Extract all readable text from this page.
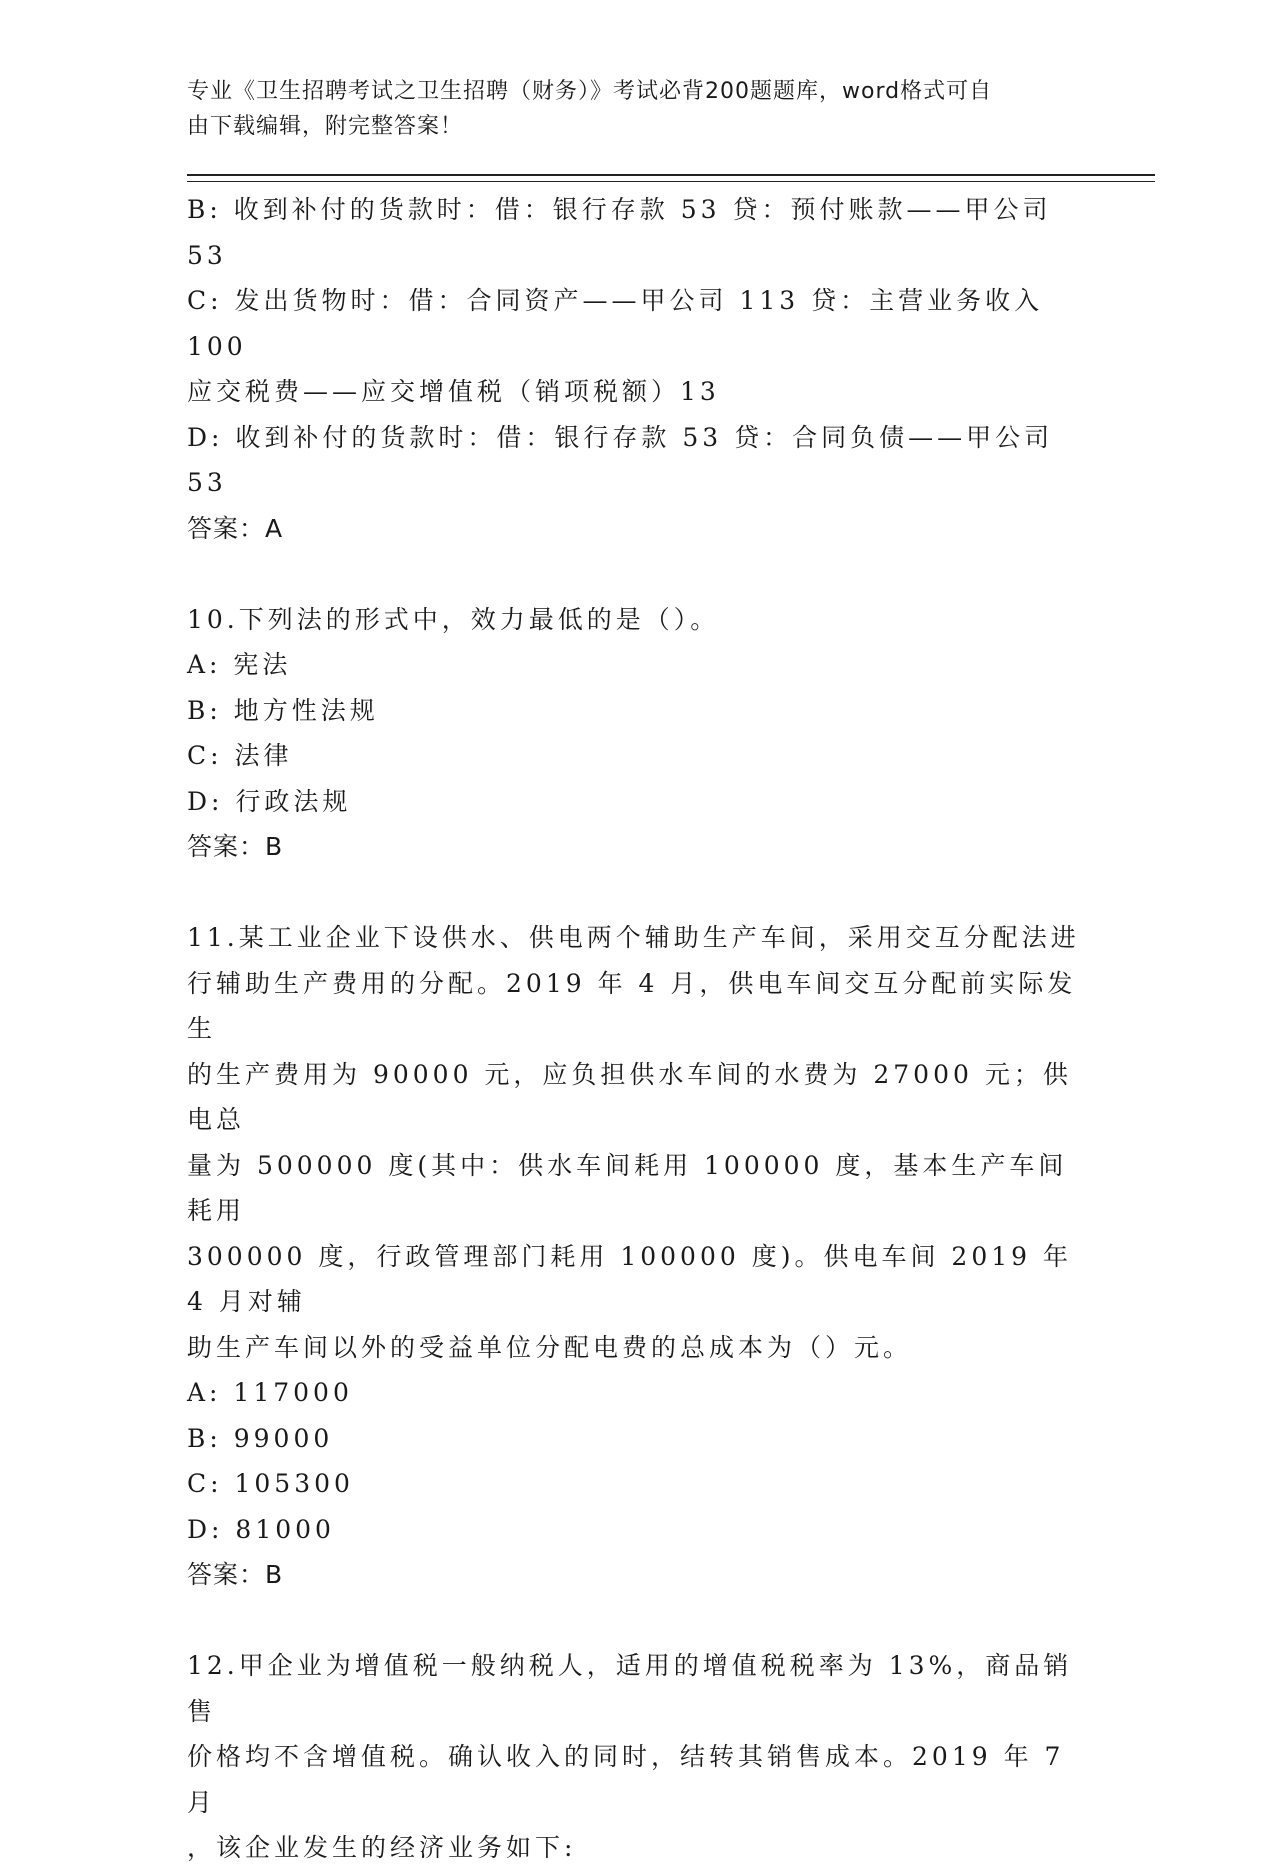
专业《卫生招聘考试之卫生招聘（财务）》考试必背200题题库，word格式可自
由下载编辑，附完整答案！
B: 收到补付的货款时：借：银行存款 53 贷：预付账款——甲公司 53
C: 发出货物时：借：合同资产——甲公司 113 贷：主营业务收入 100
应交税费——应交增值税（销项税额）13
D: 收到补付的货款时：借：银行存款 53 贷：合同负债——甲公司 53
答案：A
10.下列法的形式中，效力最低的是（）。
A: 宪法
B: 地方性法规
C: 法律
D: 行政法规
答案：B
11.某工业企业下设供水、供电两个辅助生产车间，采用交互分配法进
行辅助生产费用的分配。2019 年 4 月，供电车间交互分配前实际发生
的生产费用为 90000 元，应负担供水车间的水费为 27000 元；供电总
量为 500000 度(其中：供水车间耗用 100000 度，基本生产车间耗用
300000 度，行政管理部门耗用 100000 度)。供电车间 2019 年 4 月对辅
助生产车间以外的受益单位分配电费的总成本为（）元。
A: 117000
B: 99000
C: 105300
D: 81000
答案：B
12.甲企业为增值税一般纳税人，适用的增值税税率为 13%，商品销售
价格均不含增值税。确认收入的同时，结转其销售成本。2019 年 7 月
，该企业发生的经济业务如下:
